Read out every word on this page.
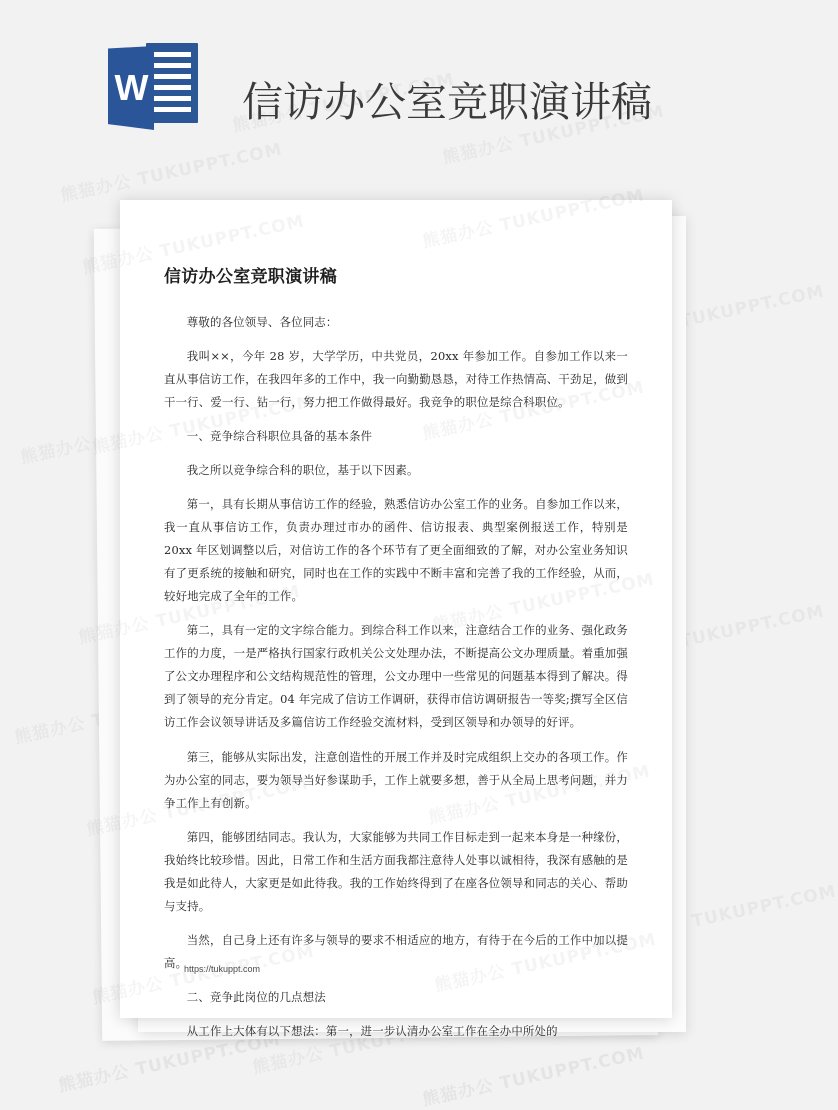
熊猫办公 TUKUPPT.COM	熊猫办公 TUKUPPT.COM
W 信访办公室竞职演讲稿
信访办公室竞职演讲稿

尊敬的各位领导、各位同志：

我叫××，今年 28 岁，大学学历，中共党员，20xx 年参加工作。自参加工作以来一直从事信访工作，在我四年多的工作中，我一向勤勤恳恳，对待工作热情高、干劲足，做到干一行、爱一行、钻一行，努力把工作做得最好。我竞争的职位是综合科职位。

一、竞争综合科职位具备的基本条件

我之所以竞争综合科的职位，基于以下因素。

第一，具有长期从事信访工作的经验，熟悉信访办公室工作的业务。自参加工作以来，我一直从事信访工作，负责办理过市办的函件、信访报表、典型案例报送工作，特别是 20xx 年区划调整以后，对信访工作的各个环节有了更全面细致的了解，对办公室业务知识有了更系统的接触和研究，同时也在工作的实践中不断丰富和完善了我的工作经验，从而，较好地完成了全年的工作。

第二，具有一定的文字综合能力。到综合科工作以来，注意结合工作的业务、强化政务工作的力度，一是严格执行国家行政机关公文处理办法，不断提高公文办理质量。着重加强了公文办理程序和公文结构规范性的管理，公文办理中一些常见的问题基本得到了解决。得到了领导的充分肯定。04 年完成了信访工作调研，获得市信访调研报告一等奖;撰写全区信访工作会议领导讲话及多篇信访工作经验交流材料，受到区领导和办领导的好评。

第三，能够从实际出发，注意创造性的开展工作并及时完成组织上交办的各项工作。作为办公室的同志，要为领导当好参谋助手，工作上就要多想，善于从全局上思考问题，并力争工作上有创新。

第四，能够团结同志。我认为，大家能够为共同工作目标走到一起来本身是一种缘份，我始终比较珍惜。因此，日常工作和生活方面我都注意待人处事以诚相待，我深有感触的是我是如此待人，大家更是如此待我。我的工作始终得到了在座各位领导和同志的关心、帮助与支持。

当然，自己身上还有许多与领导的要求不相适应的地方，有待于在今后的工作中加以提高。

二、竞争此岗位的几点想法

从工作上大体有以下想法：第一，进一步认清办公室工作在全办中所处的

https://tukuppt.com
